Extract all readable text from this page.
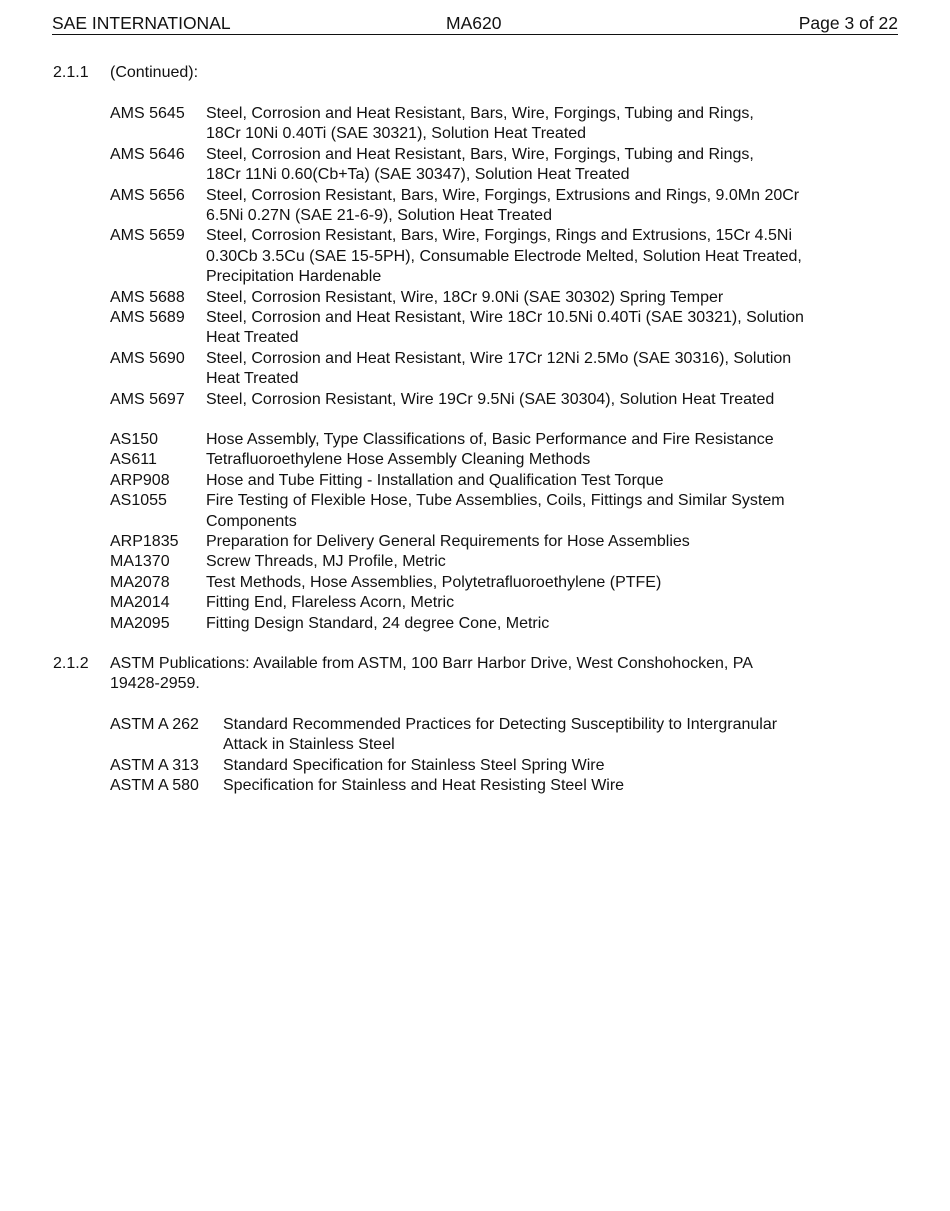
SAE INTERNATIONAL	MA620	Page 3 of 22
2.1.1 (Continued):
AMS 5645	Steel, Corrosion and Heat Resistant, Bars, Wire, Forgings, Tubing and Rings,
18Cr 10Ni 0.40Ti (SAE 30321), Solution Heat Treated
AMS 5646	Steel, Corrosion and Heat Resistant, Bars, Wire, Forgings, Tubing and Rings,
18Cr 11Ni 0.60(Cb+Ta) (SAE 30347), Solution Heat Treated
AMS 5656	Steel, Corrosion Resistant, Bars, Wire, Forgings, Extrusions and Rings, 9.0Mn 20Cr
6.5Ni 0.27N (SAE 21-6-9), Solution Heat Treated
AMS 5659	Steel, Corrosion Resistant, Bars, Wire, Forgings, Rings and Extrusions, 15Cr 4.5Ni
0.30Cb 3.5Cu (SAE 15-5PH), Consumable Electrode Melted, Solution Heat Treated,
Precipitation Hardenable
AMS 5688	Steel, Corrosion Resistant, Wire, 18Cr 9.0Ni (SAE 30302) Spring Temper
AMS 5689	Steel, Corrosion and Heat Resistant, Wire 18Cr 10.5Ni 0.40Ti (SAE 30321), Solution
Heat Treated
AMS 5690	Steel, Corrosion and Heat Resistant, Wire 17Cr 12Ni 2.5Mo (SAE 30316), Solution
Heat Treated
AMS 5697	Steel, Corrosion Resistant, Wire 19Cr 9.5Ni (SAE 30304), Solution Heat Treated
AS150	Hose Assembly, Type Classifications of, Basic Performance and Fire Resistance
AS611	Tetrafluoroethylene Hose Assembly Cleaning Methods
ARP908	Hose and Tube Fitting - Installation and Qualification Test Torque
AS1055	Fire Testing of Flexible Hose, Tube Assemblies, Coils, Fittings and Similar System
Components
ARP1835	Preparation for Delivery General Requirements for Hose Assemblies
MA1370	Screw Threads, MJ Profile, Metric
MA2078	Test Methods, Hose Assemblies, Polytetrafluoroethylene (PTFE)
MA2014	Fitting End, Flareless Acorn, Metric
MA2095	Fitting Design Standard, 24 degree Cone, Metric
2.1.2 ASTM Publications: Available from ASTM, 100 Barr Harbor Drive, West Conshohocken, PA
19428-2959.
ASTM A 262	Standard Recommended Practices for Detecting Susceptibility to Intergranular
Attack in Stainless Steel
ASTM A 313	Standard Specification for Stainless Steel Spring Wire
ASTM A 580	Specification for Stainless and Heat Resisting Steel Wire
